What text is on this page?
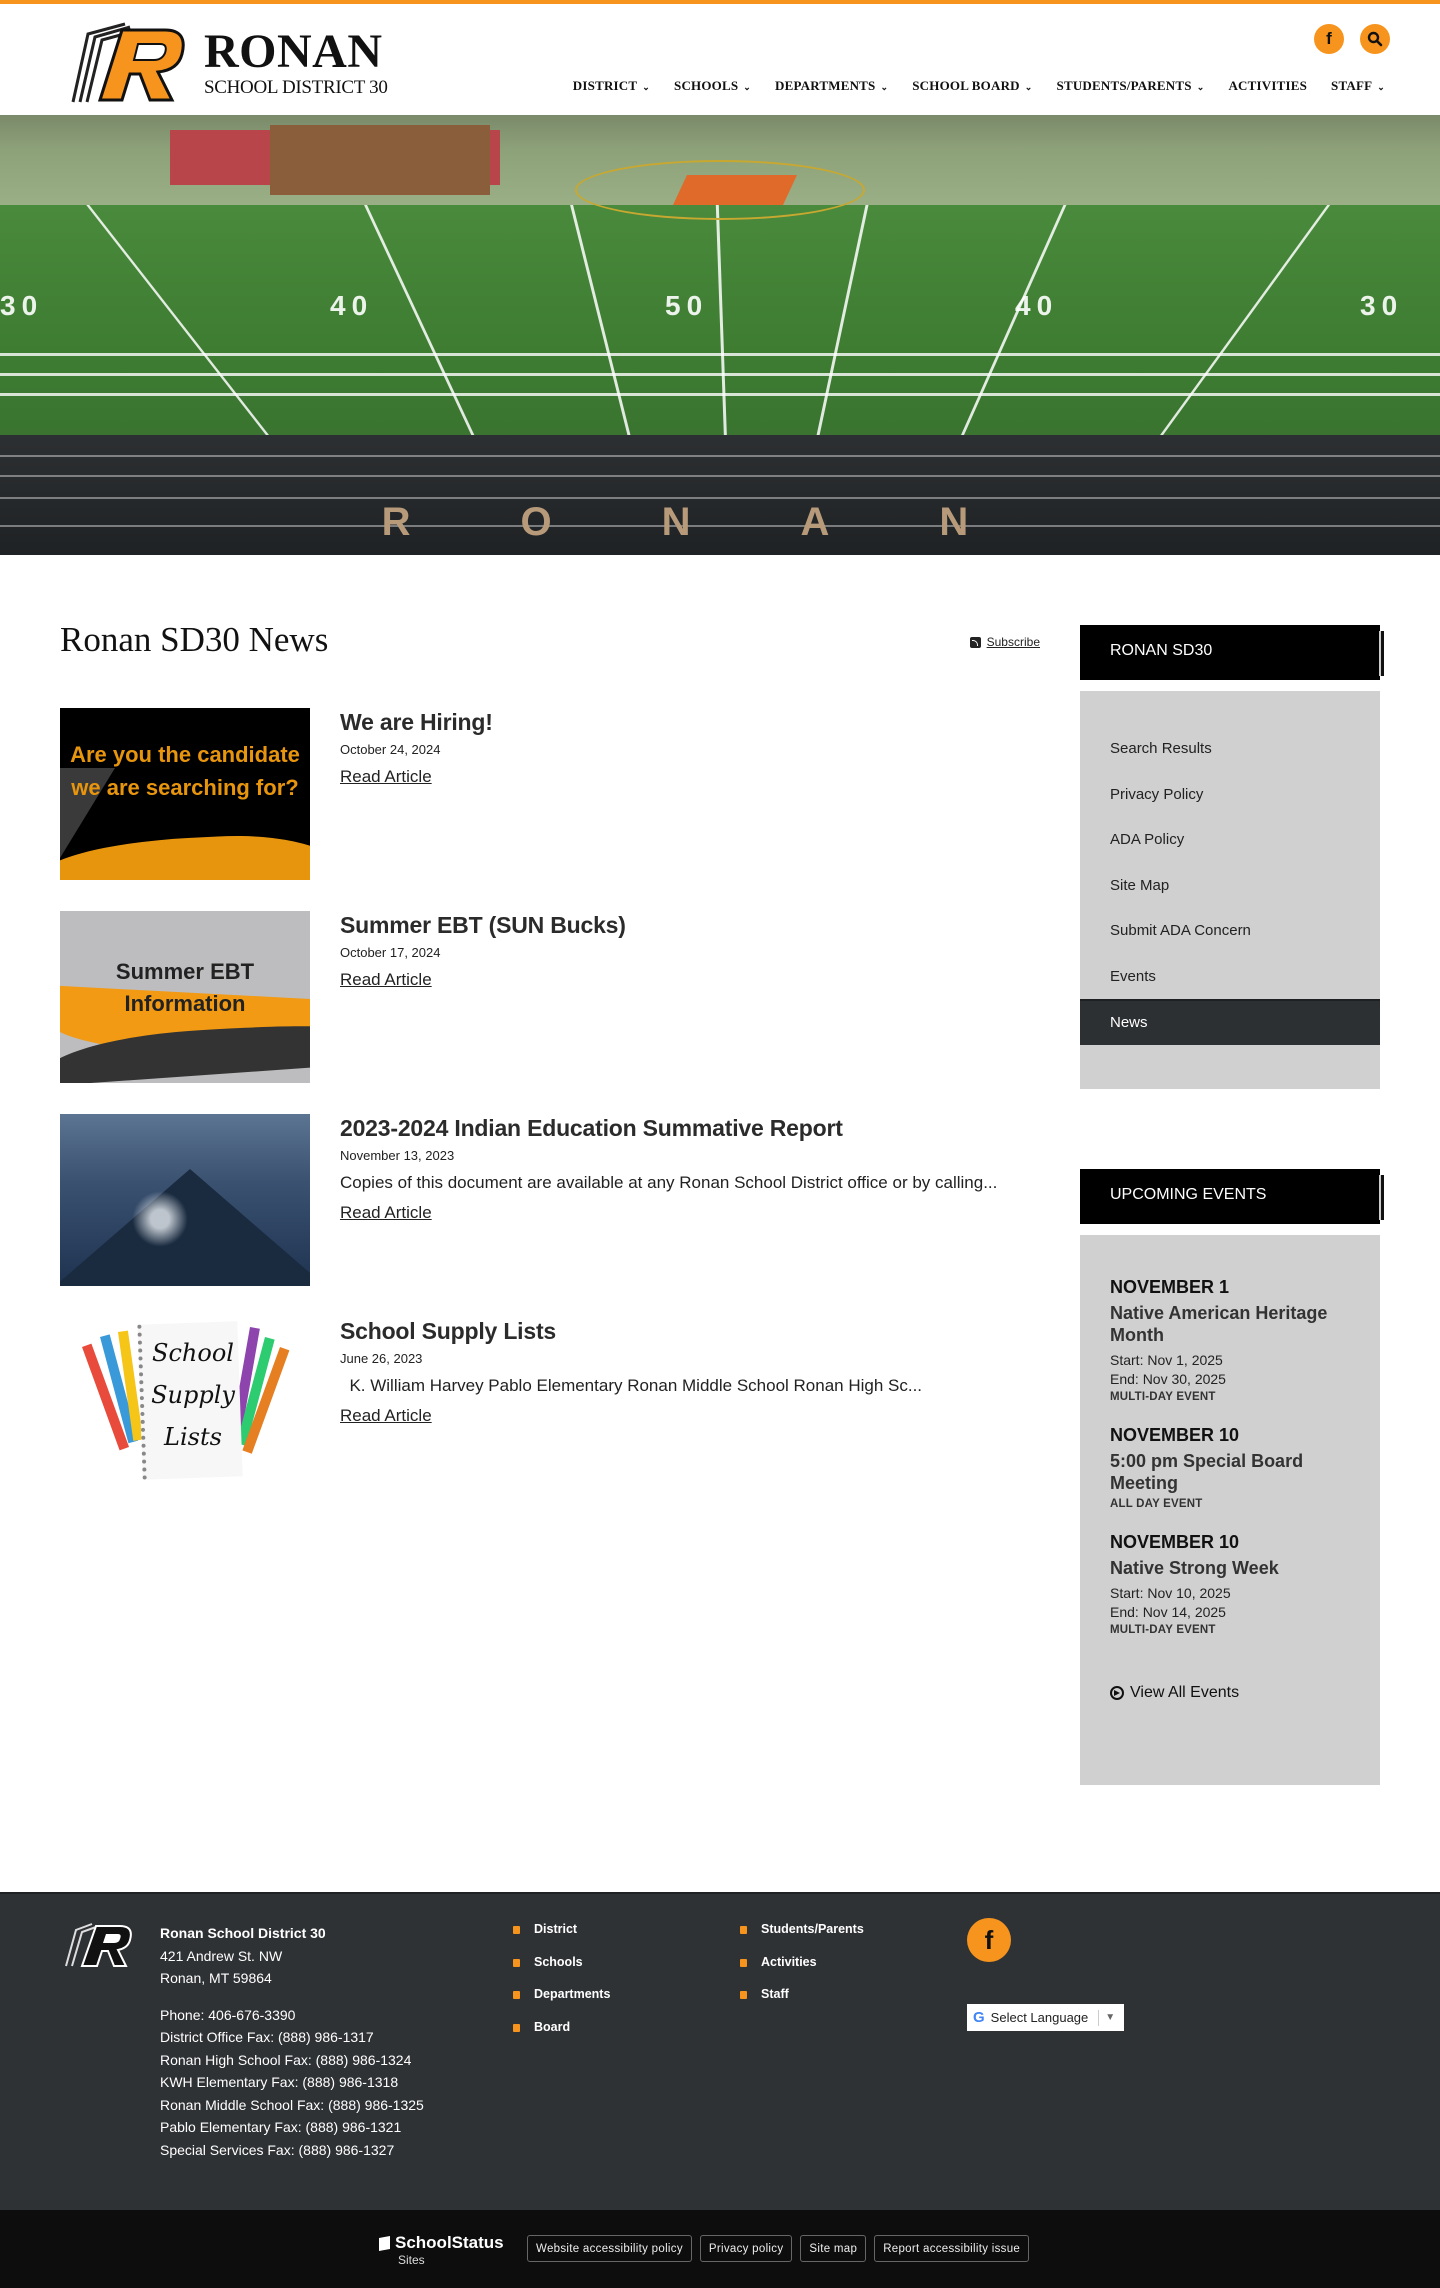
RONAN
SCHOOL DISTRICT 30
f
DISTRICT ⌄ SCHOOLS ⌄ DEPARTMENTS ⌄ SCHOOL BOARD ⌄ STUDENTS/PARENTS ⌄ ACTIVITIES STAFF ⌄
30	40	50	40	30
RONAN
Ronan SD30 News	Subscribe
Are you the candidate we are searching for?
We are Hiring!
October 24, 2024
Read Article
Summer EBT Information
Summer EBT (SUN Bucks)
October 17, 2024
Read Article
2023-2024 Indian Education Summative Report
November 13, 2023
Copies of this document are available at any Ronan School District office or by calling...
Read Article
School Supply Lists
School Supply Lists
June 26, 2023
K. William Harvey Pablo Elementary Ronan Middle School Ronan High Sc...
Read Article
RONAN SD30
Search Results
Privacy Policy
ADA Policy
Site Map
Submit ADA Concern
Events
News
UPCOMING EVENTS
NOVEMBER 1
Native American Heritage Month
Start: Nov 1, 2025
End: Nov 30, 2025
MULTI-DAY EVENT
NOVEMBER 10
5:00 pm Special Board Meeting
ALL DAY EVENT
NOVEMBER 10
Native Strong Week
Start: Nov 10, 2025
End: Nov 14, 2025
MULTI-DAY EVENT
View All Events
Ronan School District 30
421 Andrew St. NW
Ronan, MT 59864
Phone: 406-676-3390
District Office Fax: (888) 986-1317
Ronan High School Fax: (888) 986-1324
KWH Elementary Fax: (888) 986-1318
Ronan Middle School Fax: (888) 986-1325
Pablo Elementary Fax: (888) 986-1321
Special Services Fax: (888) 986-1327
District
Schools
Departments
Board
Students/Parents
Activities
Staff
f
G Select Language ▼
SchoolStatus
Sites
Website accessibility policy	Privacy policy	Site map	Report accessibility issue
